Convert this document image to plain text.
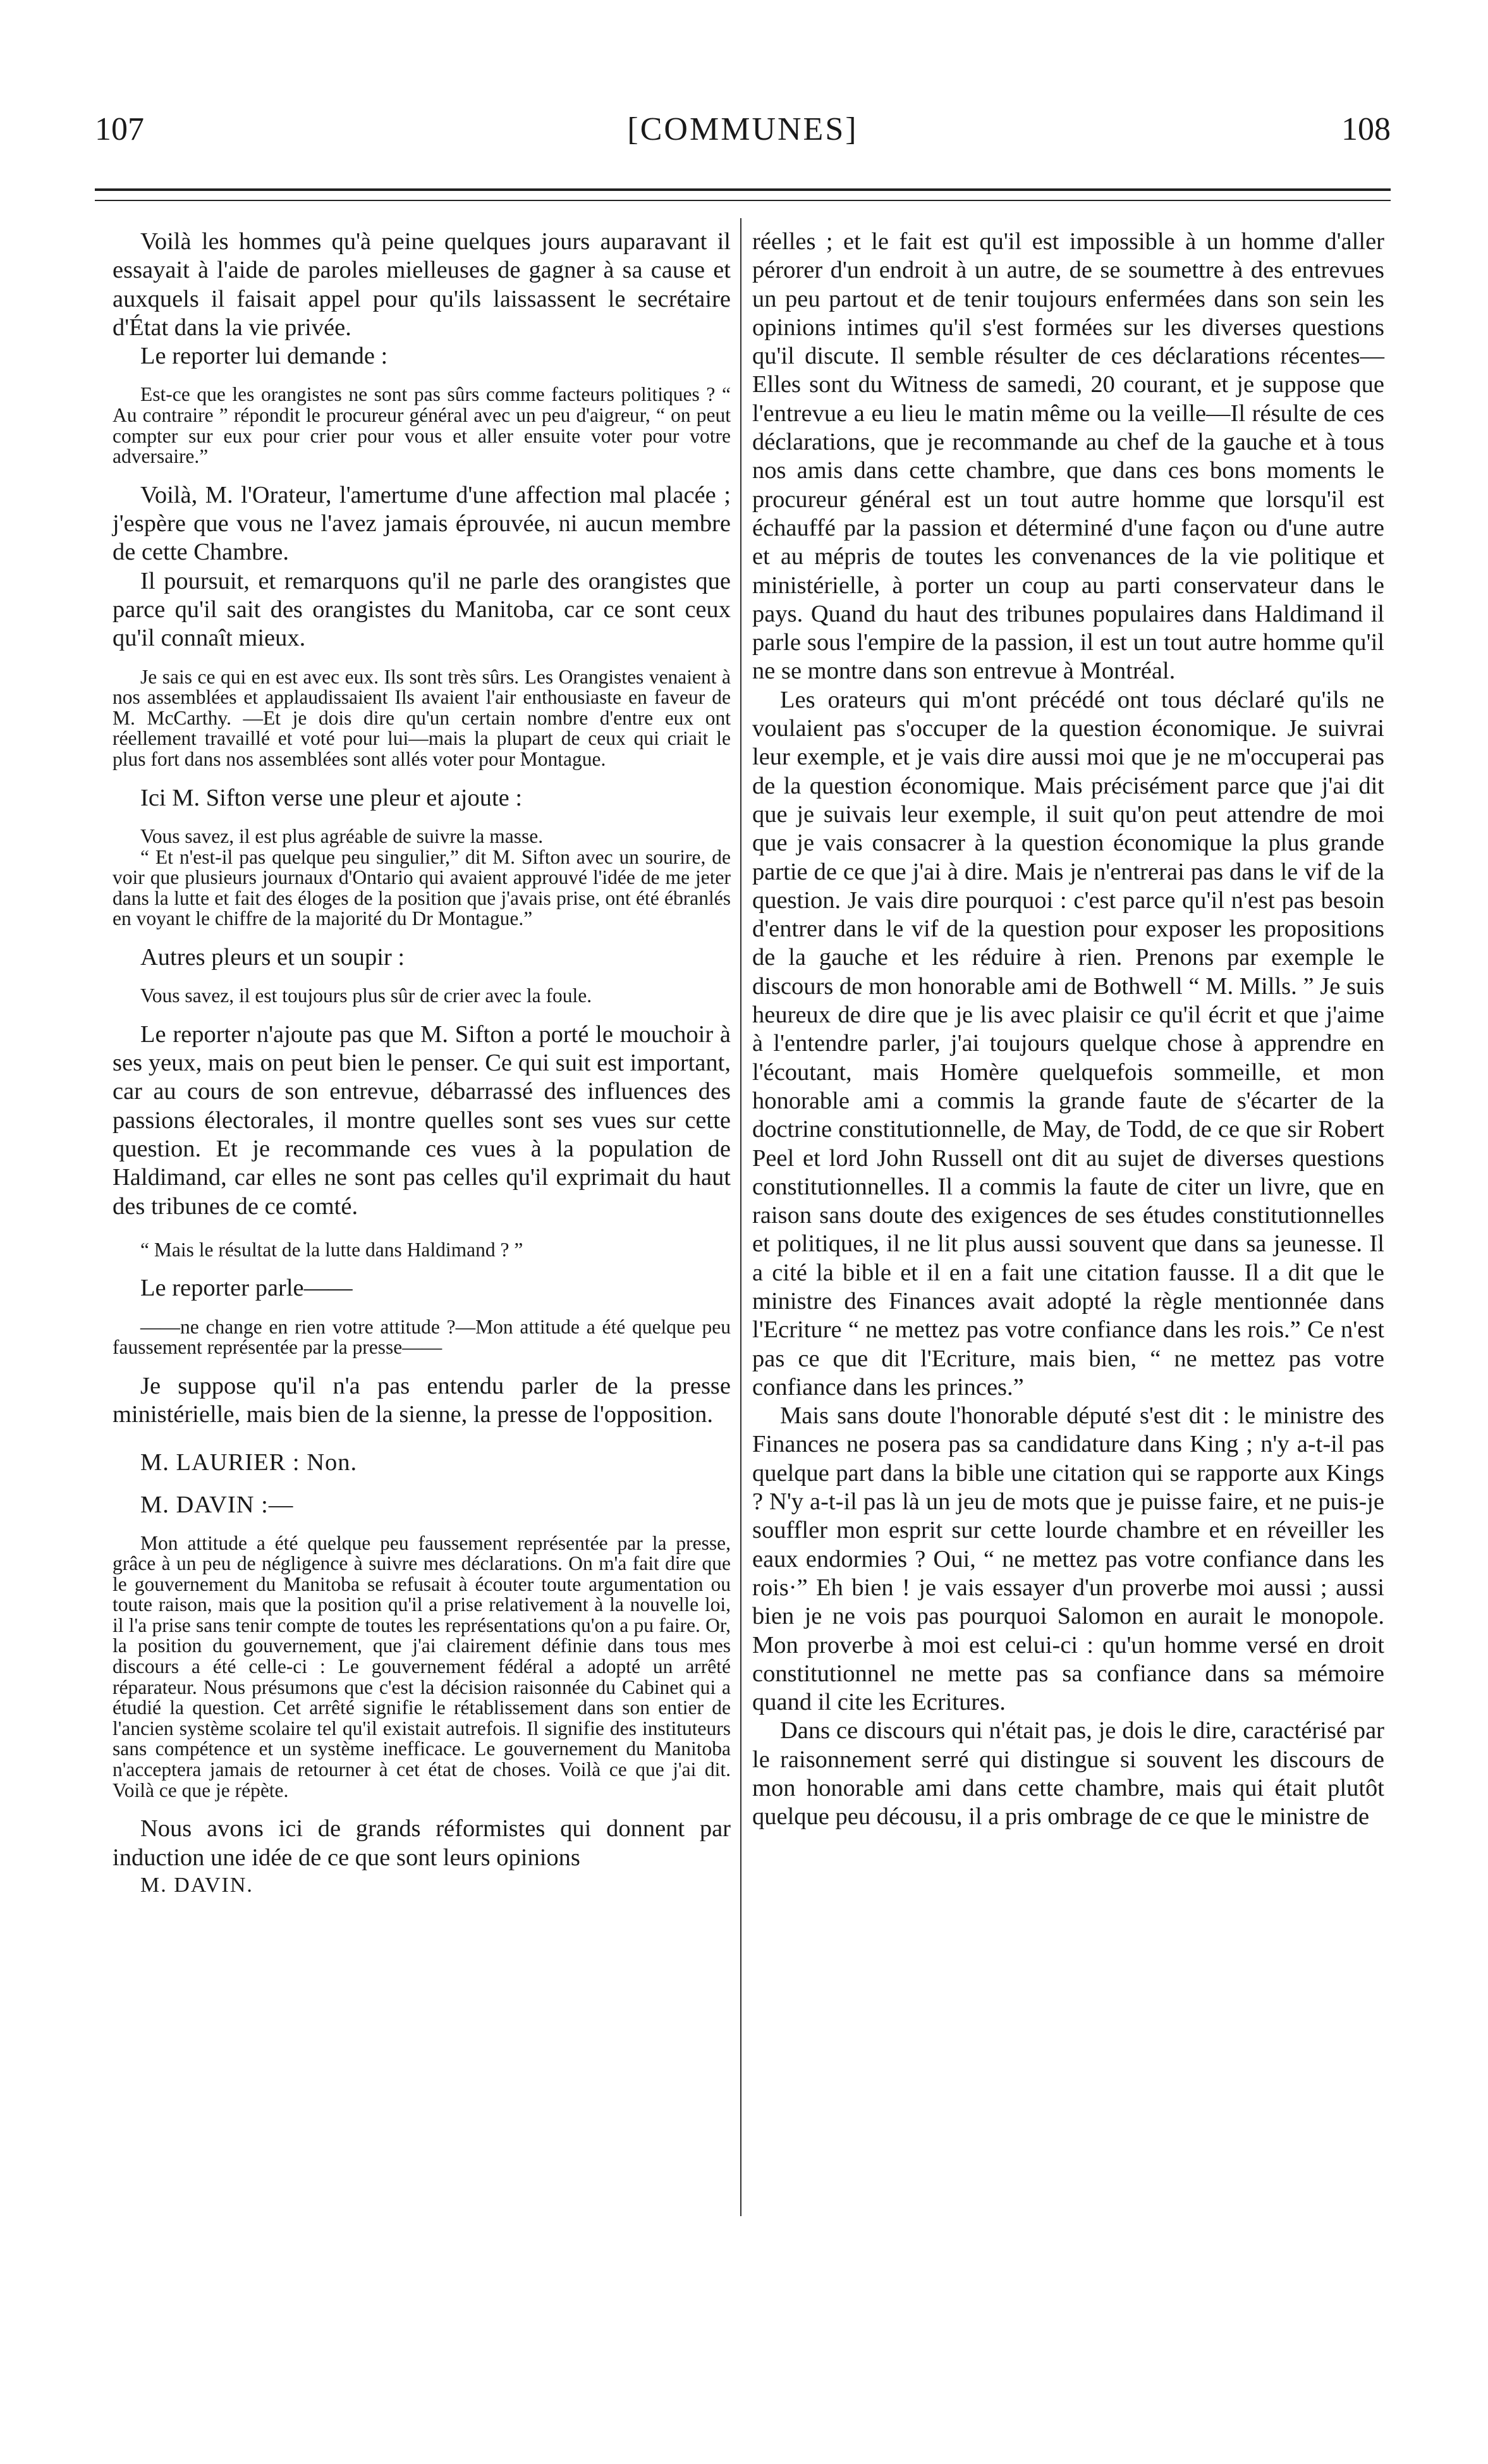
107	[COMMUNES]	108

Voilà les hommes qu'à peine quelques jours auparavant il essayait à l'aide de paroles mielleuses de gagner à sa cause et auxquels il faisait appel pour qu'ils laissassent le secrétaire d'État dans la vie privée.

Le reporter lui demande :

Est-ce que les orangistes ne sont pas sûrs comme facteurs politiques ? “ Au contraire ” répondit le procureur général avec un peu d'aigreur, “ on peut compter sur eux pour crier pour vous et aller ensuite voter pour votre adversaire.”

Voilà, M. l'Orateur, l'amertume d'une affection mal placée ; j'espère que vous ne l'avez jamais éprouvée, ni aucun membre de cette Chambre.

Il poursuit, et remarquons qu'il ne parle des orangistes que parce qu'il sait des orangistes du Manitoba, car ce sont ceux qu'il connaît mieux.

Je sais ce qui en est avec eux. Ils sont très sûrs. Les Orangistes venaient à nos assemblées et applaudissaient Ils avaient l'air enthousiaste en faveur de M. McCarthy. —Et je dois dire qu'un certain nombre d'entre eux ont réellement travaillé et voté pour lui—mais la plupart de ceux qui criait le plus fort dans nos assemblées sont allés voter pour Montague.

Ici M. Sifton verse une pleur et ajoute :

Vous savez, il est plus agréable de suivre la masse.

“ Et n'est-il pas quelque peu singulier,” dit M. Sifton avec un sourire, de voir que plusieurs journaux d'Ontario qui avaient approuvé l'idée de me jeter dans la lutte et fait des éloges de la position que j'avais prise, ont été ébranlés en voyant le chiffre de la majorité du Dr Montague.”

Autres pleurs et un soupir :

Vous savez, il est toujours plus sûr de crier avec la foule.

Le reporter n'ajoute pas que M. Sifton a porté le mouchoir à ses yeux, mais on peut bien le penser. Ce qui suit est important, car au cours de son entrevue, débarrassé des influences des passions électorales, il montre quelles sont ses vues sur cette question. Et je recommande ces vues à la population de Haldimand, car elles ne sont pas celles qu'il exprimait du haut des tribunes de ce comté.

“ Mais le résultat de la lutte dans Haldimand ? ”

Le reporter parle——

——ne change en rien votre attitude ?—Mon attitude a été quelque peu faussement représentée par la presse——

Je suppose qu'il n'a pas entendu parler de la presse ministérielle, mais bien de la sienne, la presse de l'opposition.

M. LAURIER : Non.

M. DAVIN :—

Mon attitude a été quelque peu faussement représentée par la presse, grâce à un peu de négligence à suivre mes déclarations. On m'a fait dire que le gouvernement du Manitoba se refusait à écouter toute argumentation ou toute raison, mais que la position qu'il a prise relativement à la nouvelle loi, il l'a prise sans tenir compte de toutes les représentations qu'on a pu faire. Or, la position du gouvernement, que j'ai clairement définie dans tous mes discours a été celle-ci : Le gouvernement fédéral a adopté un arrêté réparateur. Nous présumons que c'est la décision raisonnée du Cabinet qui a étudié la question. Cet arrêté signifie le rétablissement dans son entier de l'ancien système scolaire tel qu'il existait autrefois. Il signifie des instituteurs sans compétence et un système inefficace. Le gouvernement du Manitoba n'acceptera jamais de retourner à cet état de choses. Voilà ce que j'ai dit. Voilà ce que je répète.

Nous avons ici de grands réformistes qui donnent par induction une idée de ce que sont leurs opinions

M. DAVIN.

réelles ; et le fait est qu'il est impossible à un homme d'aller pérorer d'un endroit à un autre, de se soumettre à des entrevues un peu partout et de tenir toujours enfermées dans son sein les opinions intimes qu'il s'est formées sur les diverses questions qu'il discute. Il semble résulter de ces déclarations récentes—Elles sont du Witness de samedi, 20 courant, et je suppose que l'entrevue a eu lieu le matin même ou la veille—Il résulte de ces déclarations, que je recommande au chef de la gauche et à tous nos amis dans cette chambre, que dans ces bons moments le procureur général est un tout autre homme que lorsqu'il est échauffé par la passion et déterminé d'une façon ou d'une autre et au mépris de toutes les convenances de la vie politique et ministérielle, à porter un coup au parti conservateur dans le pays. Quand du haut des tribunes populaires dans Haldimand il parle sous l'empire de la passion, il est un tout autre homme qu'il ne se montre dans son entrevue à Montréal.

Les orateurs qui m'ont précédé ont tous déclaré qu'ils ne voulaient pas s'occuper de la question économique. Je suivrai leur exemple, et je vais dire aussi moi que je ne m'occuperai pas de la question économique. Mais précisément parce que j'ai dit que je suivais leur exemple, il suit qu'on peut attendre de moi que je vais consacrer à la question économique la plus grande partie de ce que j'ai à dire. Mais je n'entrerai pas dans le vif de la question. Je vais dire pourquoi : c'est parce qu'il n'est pas besoin d'entrer dans le vif de la question pour exposer les propositions de la gauche et les réduire à rien. Prenons par exemple le discours de mon honorable ami de Bothwell “ M. Mills. ” Je suis heureux de dire que je lis avec plaisir ce qu'il écrit et que j'aime à l'entendre parler, j'ai toujours quelque chose à apprendre en l'écoutant, mais Homère quelquefois sommeille, et mon honorable ami a commis la grande faute de s'écarter de la doctrine constitutionnelle, de May, de Todd, de ce que sir Robert Peel et lord John Russell ont dit au sujet de diverses questions constitutionnelles. Il a commis la faute de citer un livre, que en raison sans doute des exigences de ses études constitutionnelles et politiques, il ne lit plus aussi souvent que dans sa jeunesse. Il a cité la bible et il en a fait une citation fausse. Il a dit que le ministre des Finances avait adopté la règle mentionnée dans l'Ecriture “ ne mettez pas votre confiance dans les rois.” Ce n'est pas ce que dit l'Ecriture, mais bien, “ ne mettez pas votre confiance dans les princes.”

Mais sans doute l'honorable député s'est dit : le ministre des Finances ne posera pas sa candidature dans King ; n'y a-t-il pas quelque part dans la bible une citation qui se rapporte aux Kings ? N'y a-t-il pas là un jeu de mots que je puisse faire, et ne puis-je souffler mon esprit sur cette lourde chambre et en réveiller les eaux endormies ? Oui, “ ne mettez pas votre confiance dans les rois·” Eh bien ! je vais essayer d'un proverbe moi aussi ; aussi bien je ne vois pas pourquoi Salomon en aurait le monopole. Mon proverbe à moi est celui-ci : qu'un homme versé en droit constitutionnel ne mette pas sa confiance dans sa mémoire quand il cite les Ecritures.

Dans ce discours qui n'était pas, je dois le dire, caractérisé par le raisonnement serré qui distingue si souvent les discours de mon honorable ami dans cette chambre, mais qui était plutôt quelque peu décousu, il a pris ombrage de ce que le ministre de
